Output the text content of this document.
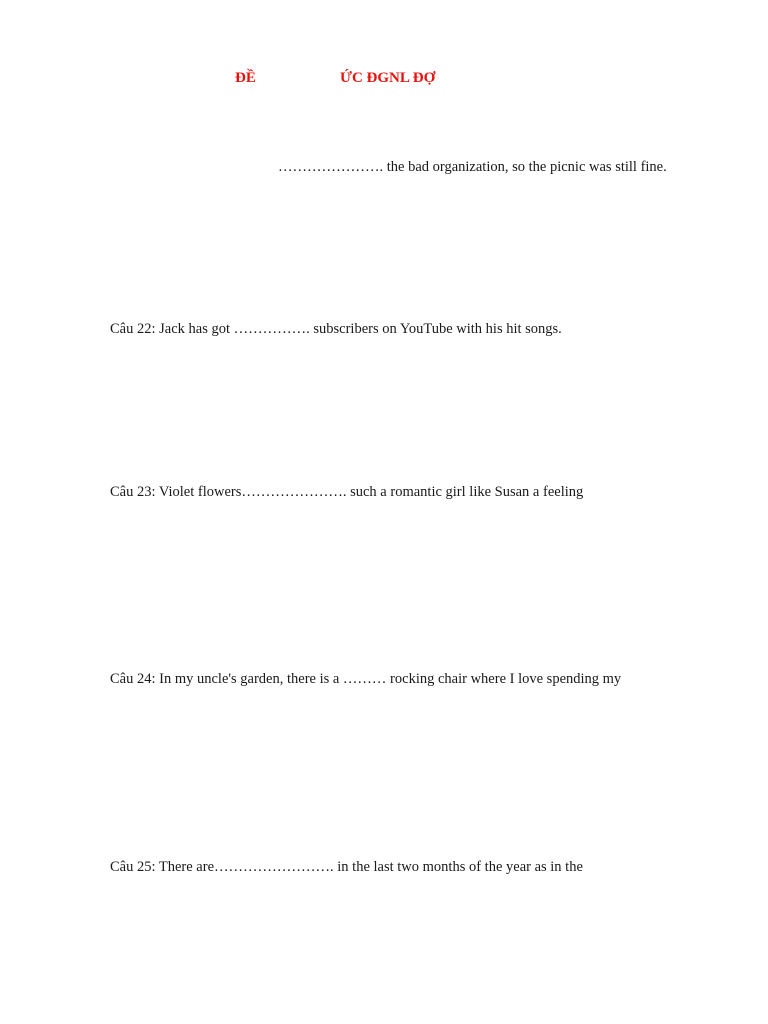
ĐỀ	ỨC ĐGNL ĐỢ
…………………. the bad organization, so the picnic was still fine.
Câu 22: Jack has got ……………. subscribers on YouTube with his hit songs.
Câu 23: Violet flowers…………………. such a romantic girl like Susan a feeling
Câu 24: In my uncle's garden, there is a ……… rocking chair where I love spending my
Câu 25: There are……………………. in the last two months of the year as in the
